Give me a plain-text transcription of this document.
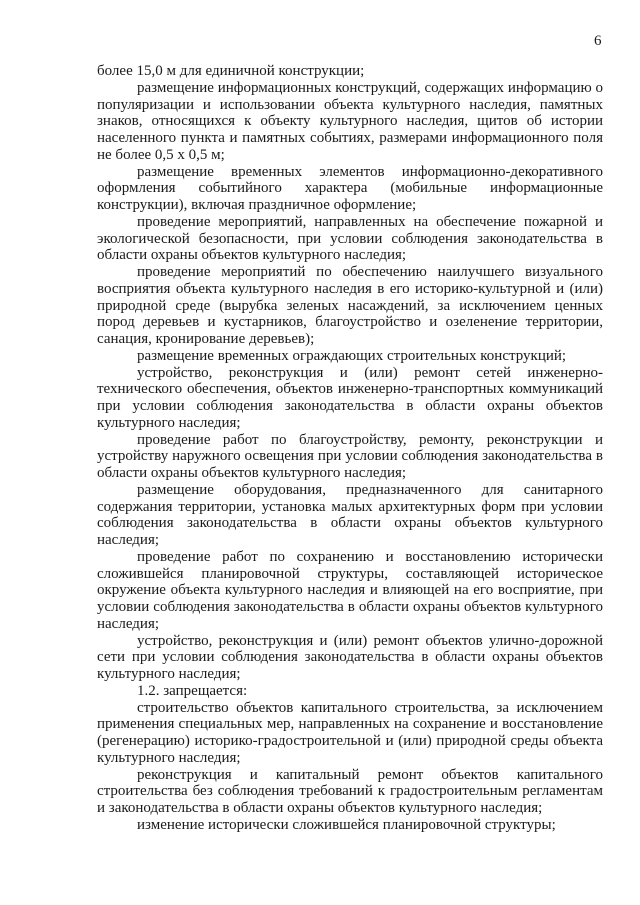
6

более 15,0 м для единичной конструкции;

размещение информационных конструкций, содержащих информацию о популяризации и использовании объекта культурного наследия, памятных знаков, относящихся к объекту культурного наследия, щитов об истории населенного пункта и памятных событиях, размерами информационного поля не более 0,5 х 0,5 м;

размещение временных элементов информационно-декоративного оформления событийного характера (мобильные информационные конструкции), включая праздничное оформление;

проведение мероприятий, направленных на обеспечение пожарной и экологической безопасности, при условии соблюдения законодательства в области охраны объектов культурного наследия;

проведение мероприятий по обеспечению наилучшего визуального восприятия объекта культурного наследия в его историко-культурной и (или) природной среде (вырубка зеленых насаждений, за исключением ценных пород деревьев и кустарников, благоустройство и озеленение территории, санация, кронирование деревьев);

размещение временных ограждающих строительных конструкций;

устройство, реконструкция и (или) ремонт сетей инженерно-технического обеспечения, объектов инженерно-транспортных коммуникаций при условии соблюдения законодательства в области охраны объектов культурного наследия;

проведение работ по благоустройству, ремонту, реконструкции и устройству наружного освещения при условии соблюдения законодательства в области охраны объектов культурного наследия;

размещение оборудования, предназначенного для санитарного содержания территории, установка малых архитектурных форм при условии соблюдения законодательства в области охраны объектов культурного наследия;

проведение работ по сохранению и восстановлению исторически сложившейся планировочной структуры, составляющей историческое окружение объекта культурного наследия и влияющей на его восприятие, при условии соблюдения законодательства в области охраны объектов культурного наследия;

устройство, реконструкция и (или) ремонт объектов улично-дорожной сети при условии соблюдения законодательства в области охраны объектов культурного наследия;

1.2. запрещается:

строительство объектов капитального строительства, за исключением применения специальных мер, направленных на сохранение и восстановление (регенерацию) историко-градостроительной и (или) природной среды объекта культурного наследия;

реконструкция и капитальный ремонт объектов капитального строительства без соблюдения требований к градостроительным регламентам и законодательства в области охраны объектов культурного наследия;

изменение исторически сложившейся планировочной структуры;
